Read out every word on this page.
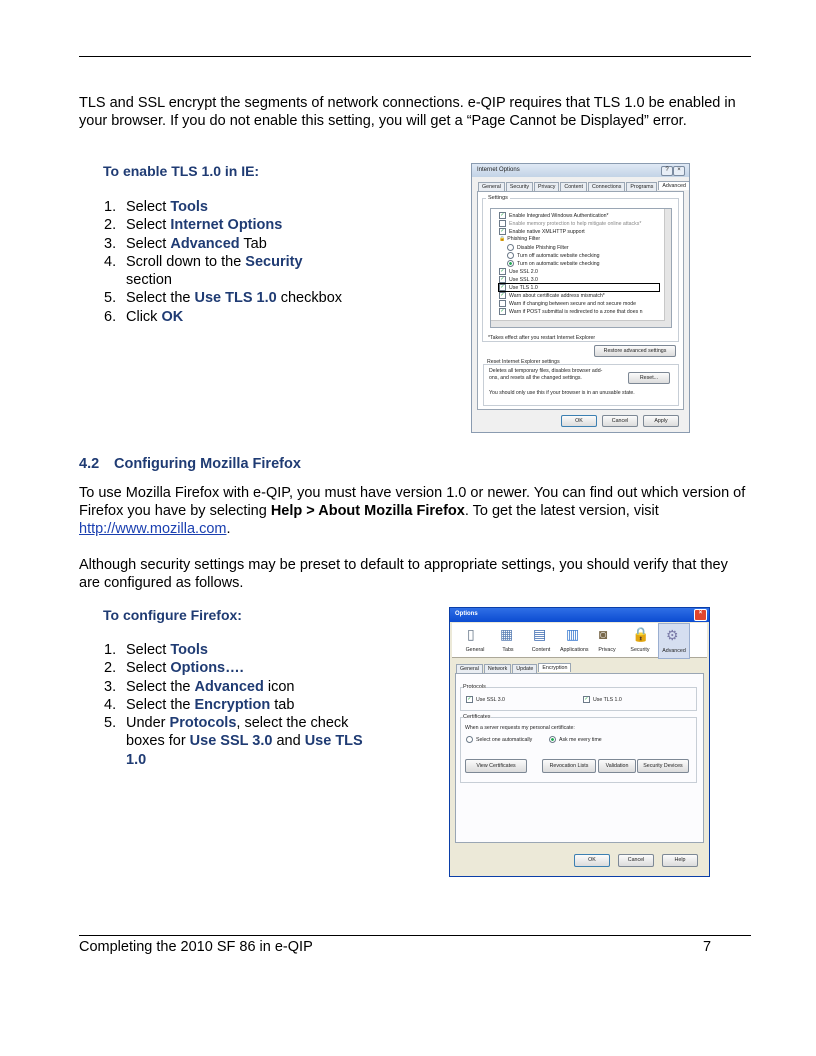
TLS and SSL encrypt the segments of network connections. e-QIP requires that TLS 1.0 be enabled in your browser. If you do not enable this setting, you will get a “Page Cannot be Displayed” error.

To enable TLS 1.0 in IE:
1. Select Tools
2. Select Internet Options
3. Select Advanced Tab
4. Scroll down to the Security
section
5. Select the Use TLS 1.0 checkbox
6. Click OK
Internet Options	?	×
General	Security	Privacy	Content	Connections	Programs	Advanced
Settings
✓ Enable Integrated Windows Authentication*
Enable memory protection to help mitigate online attacks*
✓ Enable native XMLHTTP support
🔒 Phishing Filter
Disable Phishing Filter
Turn off automatic website checking
Turn on automatic website checking
✓ Use SSL 2.0
✓ Use SSL 3.0
✓ Use TLS 1.0
✓ Warn about certificate address mismatch*
Warn if changing between secure and not secure mode
✓ Warn if POST submittal is redirected to a zone that does n
*Takes effect after you restart Internet Explorer
Restore advanced settings
Reset Internet Explorer settings
Deletes all temporary files, disables browser add-ons, and resets all the changed settings.	Reset...
You should only use this if your browser is in an unusable state.
OK	Cancel	Apply
4.2 Configuring Mozilla Firefox

To use Mozilla Firefox with e-QIP, you must have version 1.0 or newer. You can find out which version of Firefox you have by selecting Help > About Mozilla Firefox. To get the latest version, visit http://www.mozilla.com.

Although security settings may be preset to default to appropriate settings, you should verify that they are configured as follows.

To configure Firefox:
1. Select Tools
2. Select Options….
3. Select the Advanced icon
4. Select the Encryption tab
5. Under Protocols, select the check
boxes for Use SSL 3.0 and Use TLS
1.0
Options	×
▯
General
▦
Tabs
▤
Content
▥
Applications
◙
Privacy
🔒
Security
⚙
Advanced
General	Network	Update	Encryption
Protocols
✓ Use SSL 3.0	✓ Use TLS 1.0
Certificates
When a server requests my personal certificate:
Select one automatically	Ask me every time
View Certificates	Revocation Lists	Validation	Security Devices
OK	Cancel	Help
Completing the 2010 SF 86 in e-QIP	7
